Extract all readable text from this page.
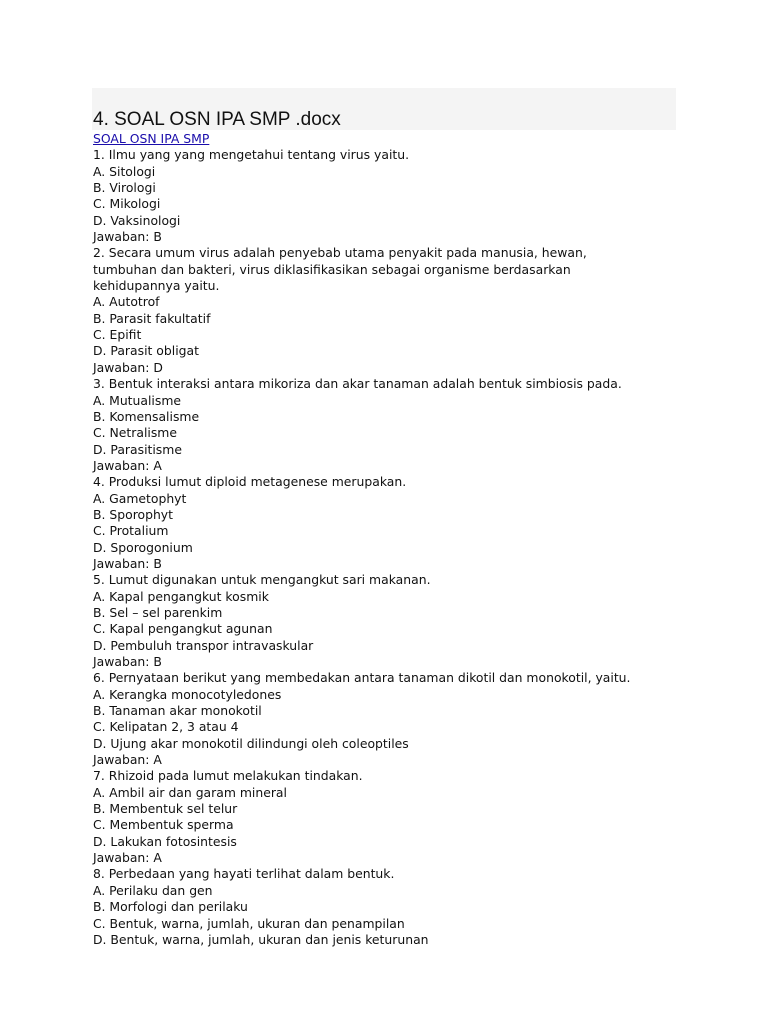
4. SOAL OSN IPA SMP .docx
SOAL OSN IPA SMP

1. Ilmu yang yang mengetahui tentang virus yaitu.

A. Sitologi

B. Virologi

C. Mikologi

D. Vaksinologi

Jawaban: B

2. Secara umum virus adalah penyebab utama penyakit pada manusia, hewan, tumbuhan dan bakteri, virus diklasifikasikan sebagai organisme berdasarkan kehidupannya yaitu.

A. Autotrof

B. Parasit fakultatif

C. Epifit

D. Parasit obligat

Jawaban: D

3. Bentuk interaksi antara mikoriza dan akar tanaman adalah bentuk simbiosis pada.

A. Mutualisme

B. Komensalisme

C. Netralisme

D. Parasitisme

Jawaban: A

4. Produksi lumut diploid metagenese merupakan.

A. Gametophyt

B. Sporophyt

C. Protalium

D. Sporogonium

Jawaban: B

5. Lumut digunakan untuk mengangkut sari makanan.

A. Kapal pengangkut kosmik

B. Sel – sel parenkim

C. Kapal pengangkut agunan

D. Pembuluh transpor intravaskular

Jawaban: B

6. Pernyataan berikut yang membedakan antara tanaman dikotil dan monokotil, yaitu.

A. Kerangka monocotyledones

B. Tanaman akar monokotil

C. Kelipatan 2, 3 atau 4

D. Ujung akar monokotil dilindungi oleh coleoptiles

Jawaban: A

7. Rhizoid pada lumut melakukan tindakan.

A. Ambil air dan garam mineral

B. Membentuk sel telur

C. Membentuk sperma

D. Lakukan fotosintesis

Jawaban: A

8. Perbedaan yang hayati terlihat dalam bentuk.

A. Perilaku dan gen

B. Morfologi dan perilaku

C. Bentuk, warna, jumlah, ukuran dan penampilan

D. Bentuk, warna, jumlah, ukuran dan jenis keturunan
